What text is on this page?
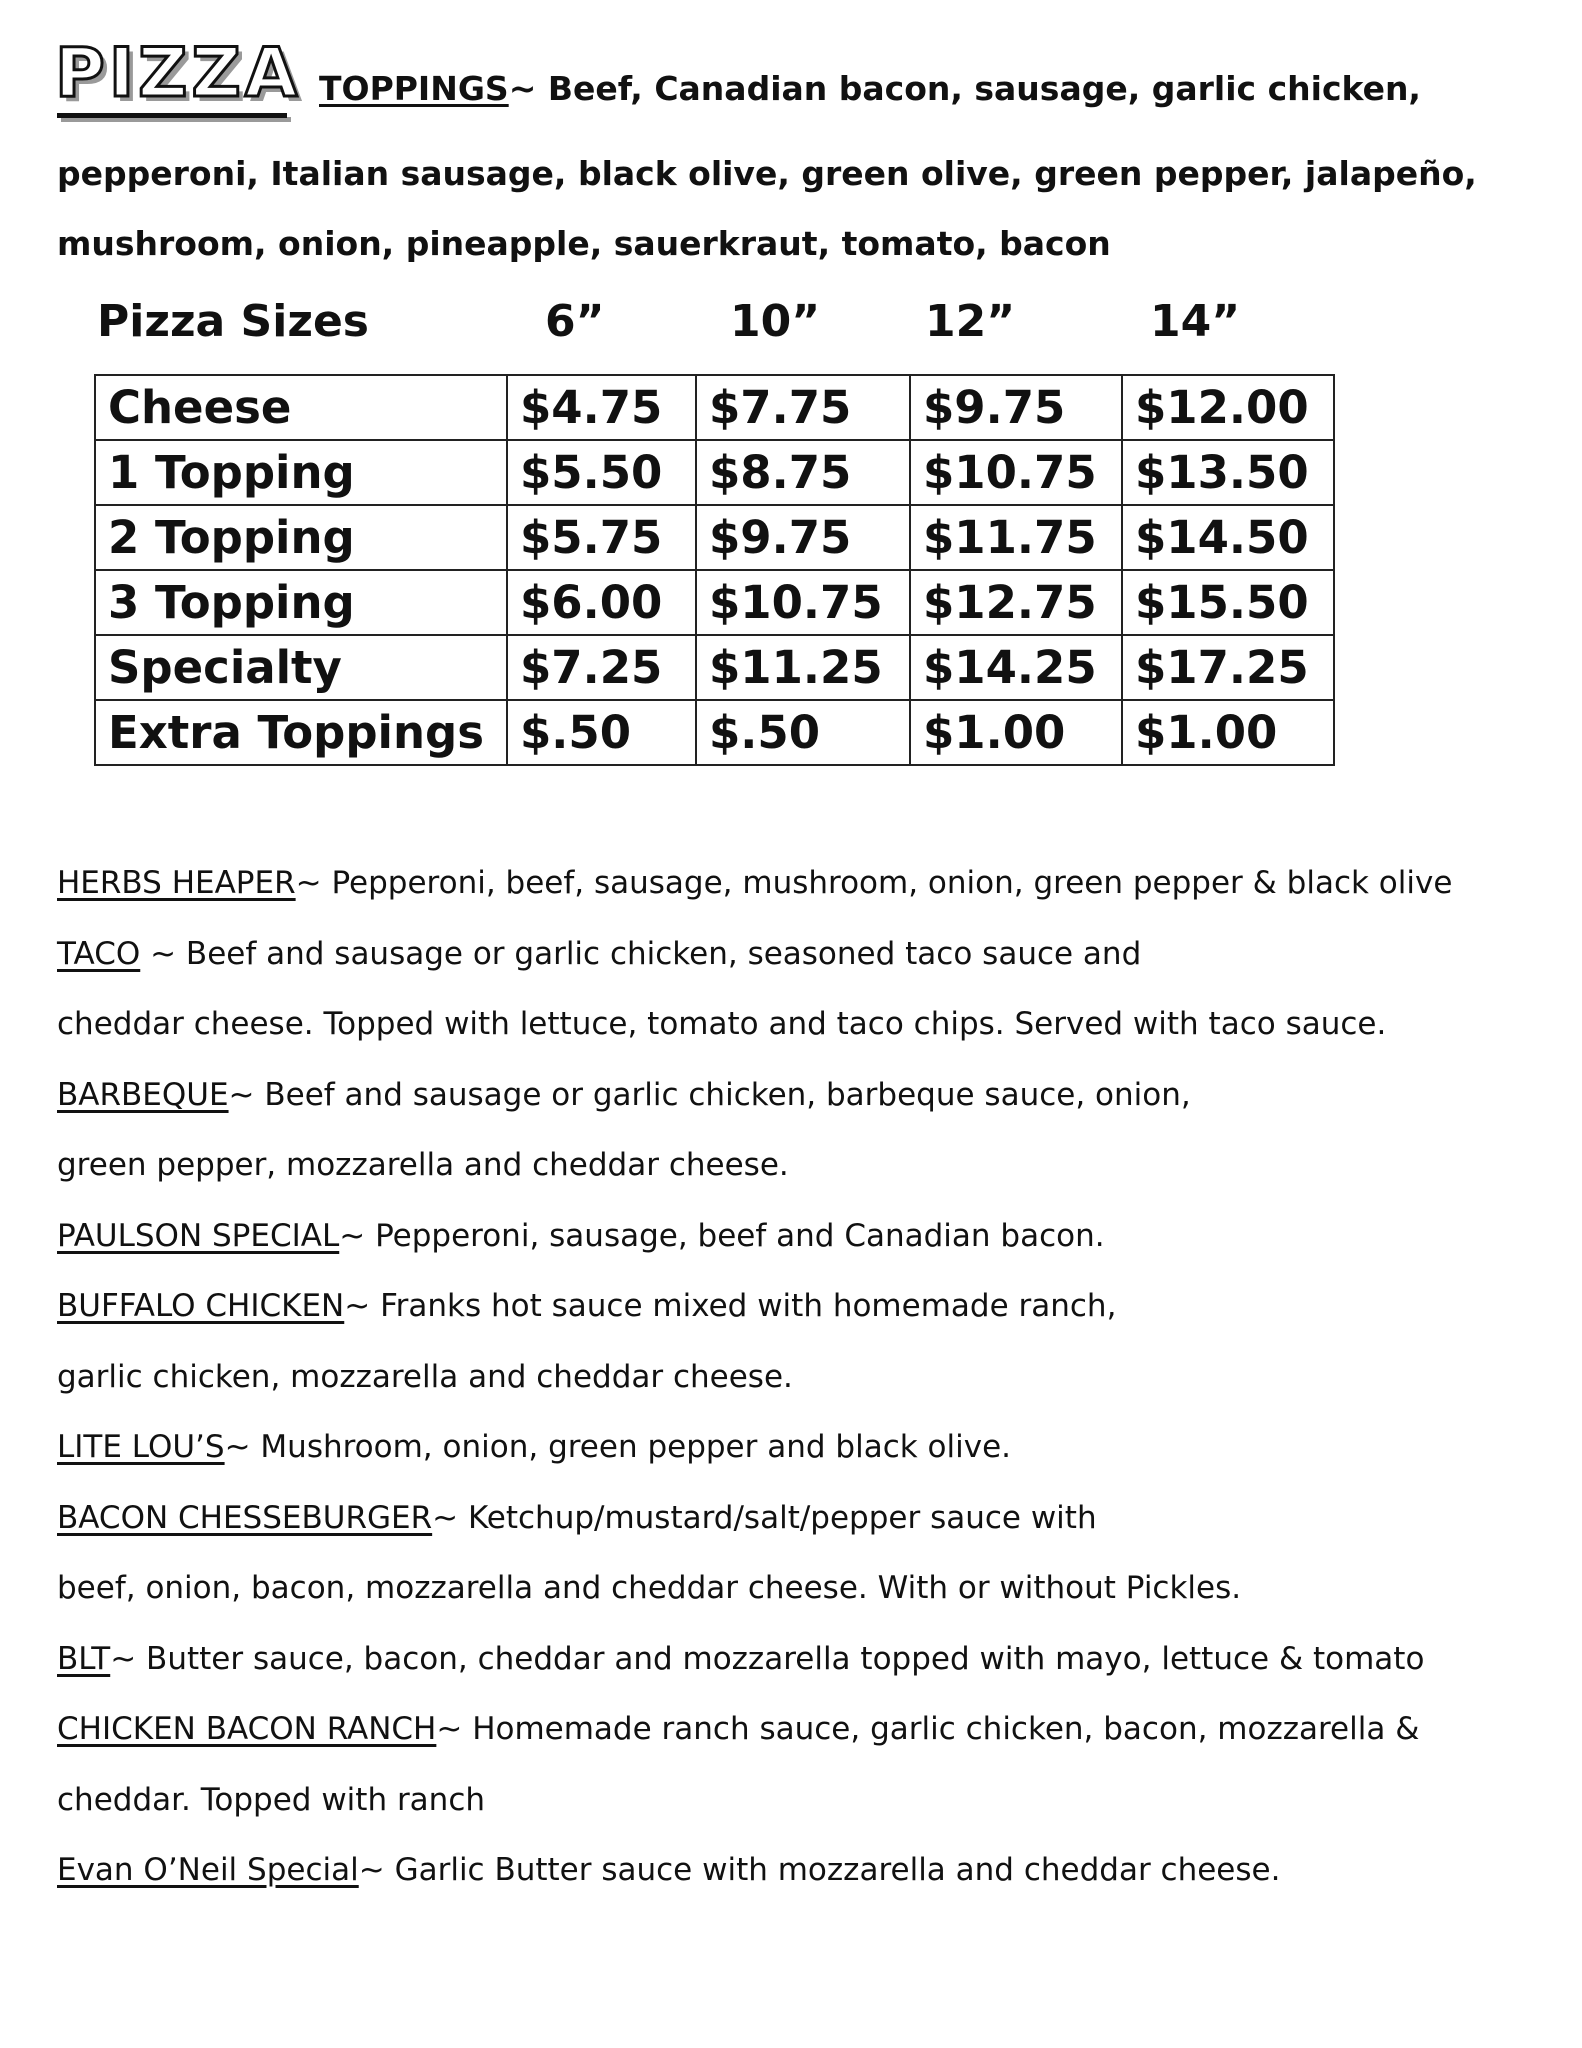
PIZZA TOPPINGS~ Beef, Canadian bacon, sausage, garlic chicken,
pepperoni, Italian sausage, black olive, green olive, green pepper, jalapeño,
mushroom, onion, pineapple, sauerkraut, tomato, bacon
Pizza Sizes	6”	10” 12”	14”
Cheese	$4.75	$7.75	$9.75	$12.00
1 Topping	$5.50	$8.75	$10.75	$13.50
2 Topping	$5.75	$9.75	$11.75	$14.50
3 Topping	$6.00	$10.75	$12.75	$15.50
Specialty	$7.25	$11.25	$14.25	$17.25
Extra Toppings	$.50	$.50	$1.00	$1.00
HERBS HEAPER~ Pepperoni, beef, sausage, mushroom, onion, green pepper & black olive
TACO ~ Beef and sausage or garlic chicken, seasoned taco sauce and
cheddar cheese. Topped with lettuce, tomato and taco chips. Served with taco sauce.
BARBEQUE~ Beef and sausage or garlic chicken, barbeque sauce, onion,
green pepper, mozzarella and cheddar cheese.
PAULSON SPECIAL~ Pepperoni, sausage, beef and Canadian bacon.
BUFFALO CHICKEN~ Franks hot sauce mixed with homemade ranch,
garlic chicken, mozzarella and cheddar cheese.
LITE LOU’S~ Mushroom, onion, green pepper and black olive.
BACON CHESSEBURGER~ Ketchup/mustard/salt/pepper sauce with
beef, onion, bacon, mozzarella and cheddar cheese. With or without Pickles.
BLT~ Butter sauce, bacon, cheddar and mozzarella topped with mayo, lettuce & tomato
CHICKEN BACON RANCH~ Homemade ranch sauce, garlic chicken, bacon, mozzarella &
cheddar. Topped with ranch
Evan O’Neil Special~ Garlic Butter sauce with mozzarella and cheddar cheese.
